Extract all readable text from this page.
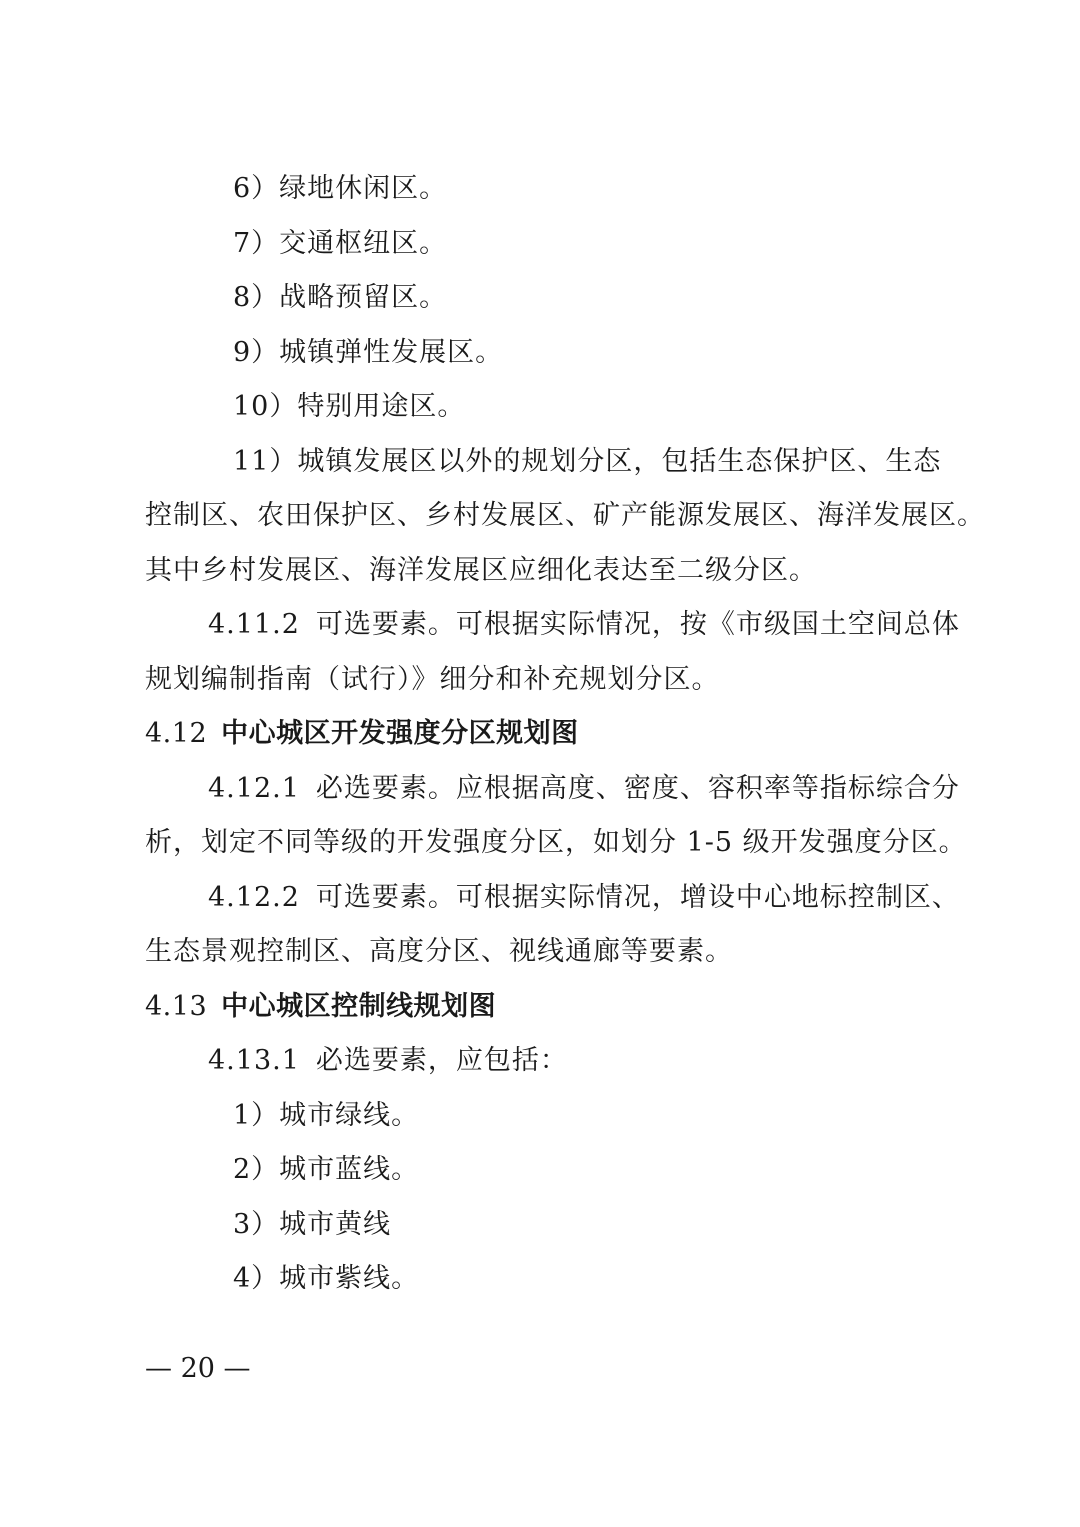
6）绿地休闲区。
7）交通枢纽区。
8）战略预留区。
9）城镇弹性发展区。
10）特别用途区。
11）城镇发展区以外的规划分区，包括生态保护区、生态
控制区、农田保护区、乡村发展区、矿产能源发展区、海洋发展区。
其中乡村发展区、海洋发展区应细化表达至二级分区。
4.11.2 可选要素。可根据实际情况，按《市级国土空间总体
规划编制指南（试行）》细分和补充规划分区。
4.12 中心城区开发强度分区规划图
4.12.1 必选要素。应根据高度、密度、容积率等指标综合分
析，划定不同等级的开发强度分区，如划分 1-5 级开发强度分区。
4.12.2 可选要素。可根据实际情况，增设中心地标控制区、
生态景观控制区、高度分区、视线通廊等要素。
4.13 中心城区控制线规划图
4.13.1 必选要素，应包括：
1）城市绿线。
2）城市蓝线。
3）城市黄线
4）城市紫线。
— 20 —
